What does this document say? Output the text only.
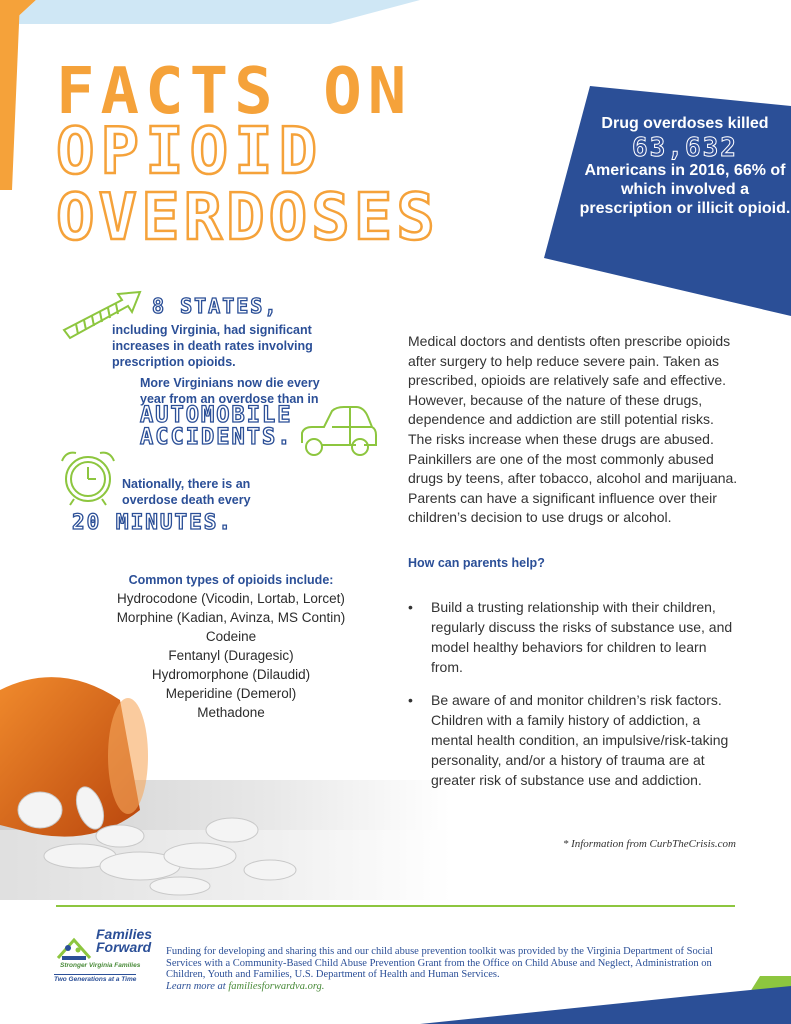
FACTS ON
OPIOID
OVERDOSES
Drug overdoses killed
63,632
Americans in 2016, 66% of which involved a prescription or illicit opioid.
8 STATES,
including Virginia, had significant increases in death rates involving prescription opioids.
More Virginians now die every year from an overdose than in
AUTOMOBILE
ACCIDENTS.
Nationally, there is an overdose death every
20 MINUTES.
Common types of opioids include:
Hydrocodone (Vicodin, Lortab, Lorcet)
Morphine (Kadian, Avinza, MS Contin)
Codeine
Fentanyl (Duragesic)
Hydromorphone (Dilaudid)
Meperidine (Demerol)
Methadone
Medical doctors and dentists often prescribe opioids after surgery to help reduce severe pain. Taken as prescribed, opioids are relatively safe and effective. However, because of the nature of these drugs, dependence and addiction are still potential risks. The risks increase when these drugs are abused. Painkillers are one of the most commonly abused drugs by teens, after tobacco, alcohol and marijuana. Parents can have a significant influence over their children’s decision to use drugs or alcohol.
How can parents help?
• Build a trusting relationship with their children, regularly discuss the risks of substance use, and model healthy behaviors for children to learn from.
• Be aware of and monitor children’s risk factors. Children with a family history of addiction, a mental health condition, an impulsive/risk-taking personality, and/or a history of trauma are at greater risk of substance use and addiction.
* Information from CurbTheCrisis.com
Families Forward
Stronger Virginia Families
Two Generations at a Time
Funding for developing and sharing this and our child abuse prevention toolkit was provided by the Virginia Department of Social Services with a Community-Based Child Abuse Prevention Grant from the Office on Child Abuse and Neglect, Administration on Children, Youth and Families, U.S. Department of Health and Human Services.
Learn more at familiesforwardva.org.
